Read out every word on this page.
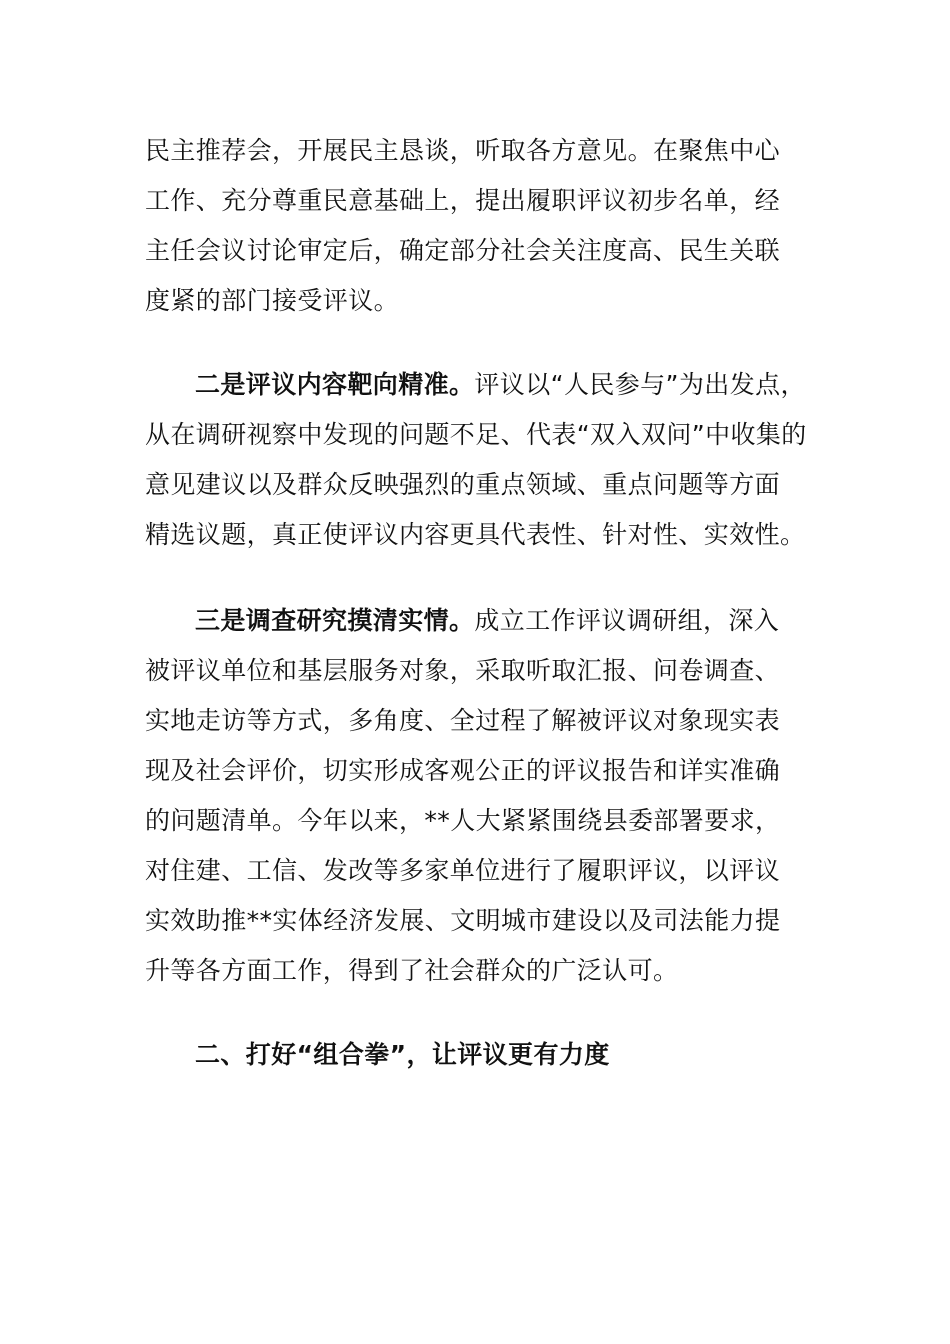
民主推荐会，开展民主恳谈，听取各方意见。在聚焦中心
工作、充分尊重民意基础上，提出履职评议初步名单，经
主任会议讨论审定后，确定部分社会关注度高、民生关联
度紧的部门接受评议。
二是评议内容靶向精准。评议以“人民参与”为出发点，
从在调研视察中发现的问题不足、代表“双入双问”中收集的
意见建议以及群众反映强烈的重点领域、重点问题等方面
精选议题，真正使评议内容更具代表性、针对性、实效性。
三是调查研究摸清实情。成立工作评议调研组，深入
被评议单位和基层服务对象，采取听取汇报、问卷调查、
实地走访等方式，多角度、全过程了解被评议对象现实表
现及社会评价，切实形成客观公正的评议报告和详实准确
的问题清单。今年以来，**人大紧紧围绕县委部署要求，
对住建、工信、发改等多家单位进行了履职评议，以评议
实效助推**实体经济发展、文明城市建设以及司法能力提
升等各方面工作，得到了社会群众的广泛认可。
二、打好“组合拳”，让评议更有力度
